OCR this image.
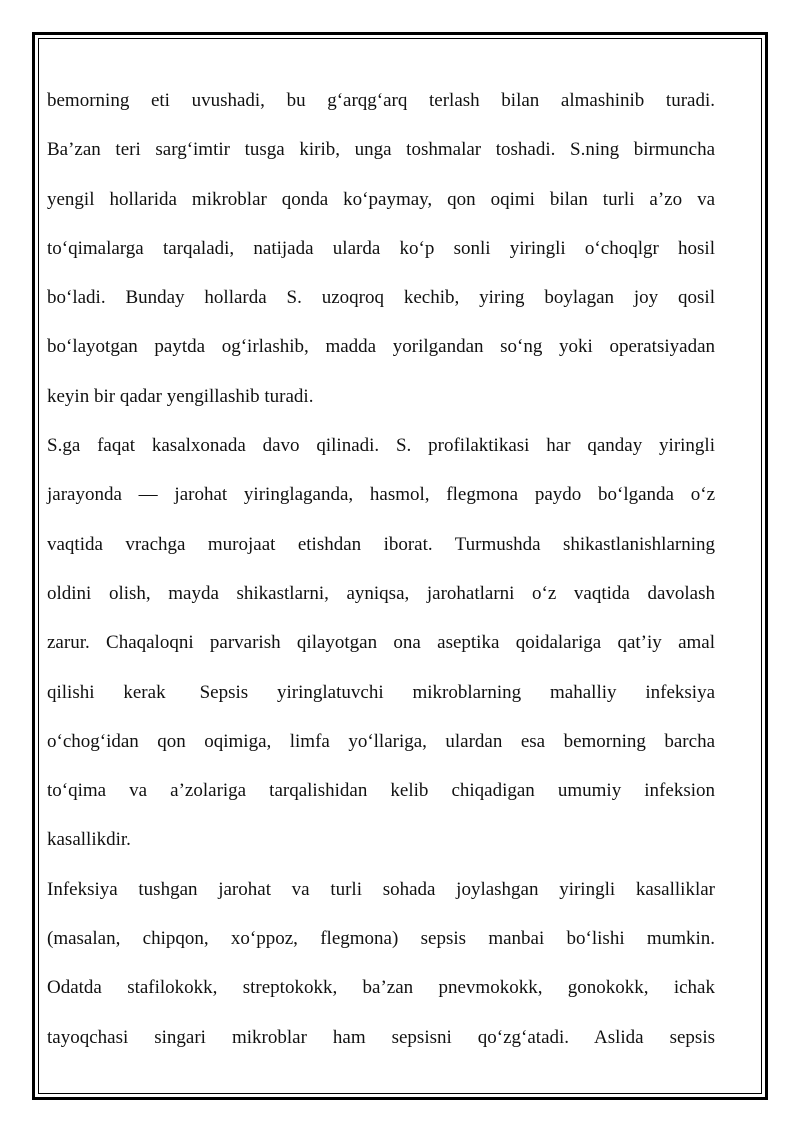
bemorning eti uvushadi, bu g‘arqg‘arq terlash bilan almashinib turadi.
Ba’zan teri sarg‘imtir tusga kirib, unga toshmalar toshadi. S.ning birmuncha
yengil hollarida mikroblar qonda ko‘paymay, qon oqimi bilan turli a’zo va
to‘qimalarga tarqaladi, natijada ularda ko‘p sonli yiringli o‘choqlgr hosil
bo‘ladi. Bunday hollarda S. uzoqroq kechib, yiring boylagan joy qosil
bo‘layotgan paytda og‘irlashib, madda yorilgandan so‘ng yoki operatsiyadan
keyin bir qadar yengillashib turadi.
S.ga faqat kasalxonada davo qilinadi. S. profilaktikasi har qanday yiringli
jarayonda — jarohat yiringlaganda, hasmol, flegmona paydo bo‘lganda o‘z
vaqtida vrachga murojaat etishdan iborat. Turmushda shikastlanishlarning
oldini olish, mayda shikastlarni, ayniqsa, jarohatlarni o‘z vaqtida davolash
zarur. Chaqaloqni parvarish qilayotgan ona aseptika qoidalariga qat’iy amal
qilishi kerak Sepsis yiringlatuvchi mikroblarning mahalliy infeksiya
o‘chog‘idan qon oqimiga, limfa yo‘llariga, ulardan esa bemorning barcha
to‘qima va a’zolariga tarqalishidan kelib chiqadigan umumiy infeksion
kasallikdir.
Infeksiya tushgan jarohat va turli sohada joylashgan yiringli kasalliklar
(masalan, chipqon, xo‘ppoz, flegmona) sepsis manbai bo‘lishi mumkin.
Odatda stafilokokk, streptokokk, ba’zan pnevmokokk, gonokokk, ichak
tayoqchasi singari mikroblar ham sepsisni qo‘zg‘atadi. Aslida sepsis
